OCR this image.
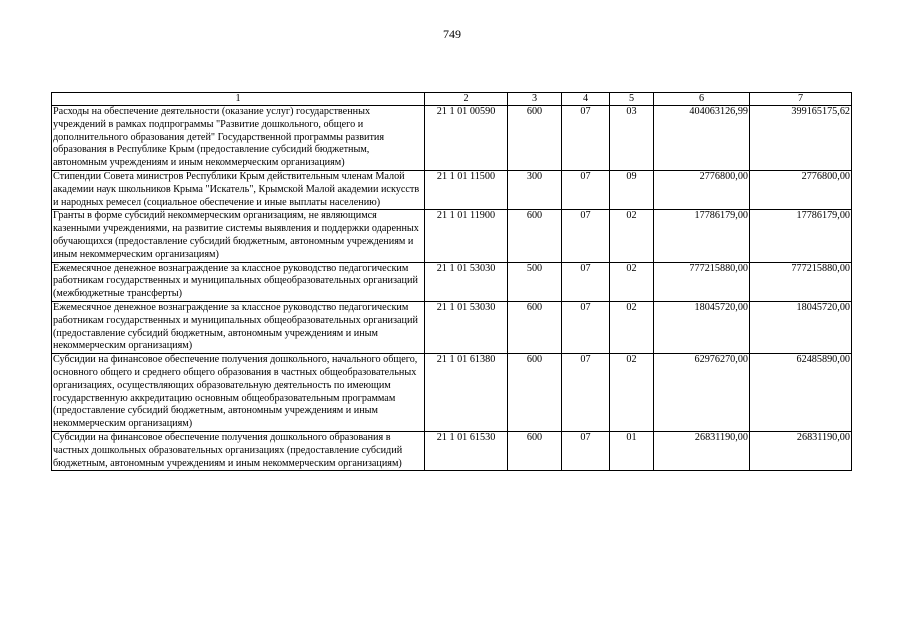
749
1	2	3	4	5	6	7
Расходы на обеспечение деятельности (оказание услуг) государственных учреждений в рамках подпрограммы "Развитие дошкольного, общего и дополнительного образования детей" Государственной программы развития образования в Республике Крым (предоставление субсидий бюджетным, автономным учреждениям и иным некоммерческим организациям)	21 1 01 00590	600	07	03	404063126,99	399165175,62
Стипендии Совета министров Республики Крым действительным членам Малой академии наук школьников Крыма "Искатель", Крымской Малой академии искусств и народных ремесел (социальное обеспечение и иные выплаты населению)	21 1 01 11500	300	07	09	2776800,00	2776800,00
Гранты в форме субсидий некоммерческим организациям, не являющимся казенными учреждениями, на развитие системы выявления и поддержки одаренных обучающихся (предоставление субсидий бюджетным, автономным учреждениям и иным некоммерческим организациям)	21 1 01 11900	600	07	02	17786179,00	17786179,00
Ежемесячное денежное вознаграждение за классное руководство педагогическим работникам государственных и муниципальных общеобразовательных организаций (межбюджетные трансферты)	21 1 01 53030	500	07	02	777215880,00	777215880,00
Ежемесячное денежное вознаграждение за классное руководство педагогическим работникам государственных и муниципальных общеобразовательных организаций (предоставление субсидий бюджетным, автономным учреждениям и иным некоммерческим организациям)	21 1 01 53030	600	07	02	18045720,00	18045720,00
Субсидии на финансовое обеспечение получения дошкольного, начального общего, основного общего и среднего общего образования в частных общеобразовательных организациях, осуществляющих образовательную деятельность по имеющим государственную аккредитацию основным общеобразовательным программам (предоставление субсидий бюджетным, автономным учреждениям и иным некоммерческим организациям)	21 1 01 61380	600	07	02	62976270,00	62485890,00
Субсидии на финансовое обеспечение получения дошкольного образования в частных дошкольных образовательных организациях (предоставление субсидий бюджетным, автономным учреждениям и иным некоммерческим организациям)	21 1 01 61530	600	07	01	26831190,00	26831190,00
